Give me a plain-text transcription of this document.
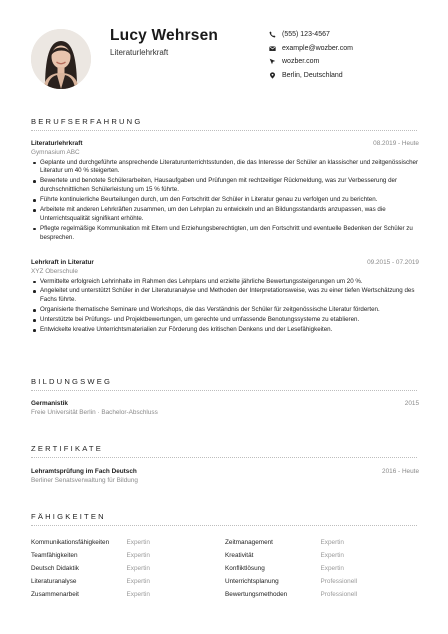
Lucy Wehrsen
Literaturlehrkraft
(555) 123-4567
example@wozber.com
wozber.com
Berlin, Deutschland
BERUFSERFAHRUNG
Literaturlehrkraft	08.2019 - Heute
Gymnasium ABC
Geplante und durchgeführte ansprechende Literaturunterrichtsstunden, die das Interesse der Schüler an klassischer und zeitgenössischer Literatur um 40 % steigerten.
Bewertete und benotete Schülerarbeiten, Hausaufgaben und Prüfungen mit rechtzeitiger Rückmeldung, was zur Verbesserung der durchschnittlichen Schülerleistung um 15 % führte.
Führte kontinuierliche Beurteilungen durch, um den Fortschritt der Schüler in Literatur genau zu verfolgen und zu berichten.
Arbeitete mit anderen Lehrkräften zusammen, um den Lehrplan zu entwickeln und an Bildungsstandards anzupassen, was die Unterrichtsqualität signifikant erhöhte.
Pflegte regelmäßige Kommunikation mit Eltern und Erziehungsberechtigten, um den Fortschritt und eventuelle Bedenken der Schüler zu besprechen.
Lehrkraft in Literatur	09.2015 - 07.2019
XYZ Oberschule
Vermittelte erfolgreich Lehrinhalte im Rahmen des Lehrplans und erzielte jährliche Bewertungssteigerungen um 20 %.
Angeleitet und unterstützt Schüler in der Literaturanalyse und Methoden der Interpretationsweise, was zu einer tiefen Wertschätzung des Fachs führte.
Organisierte thematische Seminare und Workshops, die das Verständnis der Schüler für zeitgenössische Literatur förderten.
Unterstützte bei Prüfungs- und Projektbewertungen, um gerechte und umfassende Benotungssysteme zu etablieren.
Entwickelte kreative Unterrichtsmaterialien zur Förderung des kritischen Denkens und der Lesefähigkeiten.
BILDUNGSWEG
Germanistik	2015
Freie Universität Berlin · Bachelor-Abschluss
ZERTIFIKATE
Lehramtsprüfung im Fach Deutsch	2016 - Heute
Berliner Senatsverwaltung für Bildung
FÄHIGKEITEN
Kommunikationsfähigkeiten	Expertin	Zeitmanagement	Expertin
Teamfähigkeiten	Expertin	Kreativität	Expertin
Deutsch Didaktik	Expertin	Konfliktlösung	Expertin
Literaturanalyse	Expertin	Unterrichtsplanung	Professionell
Zusammenarbeit	Expertin	Bewertungsmethoden	Professionell
